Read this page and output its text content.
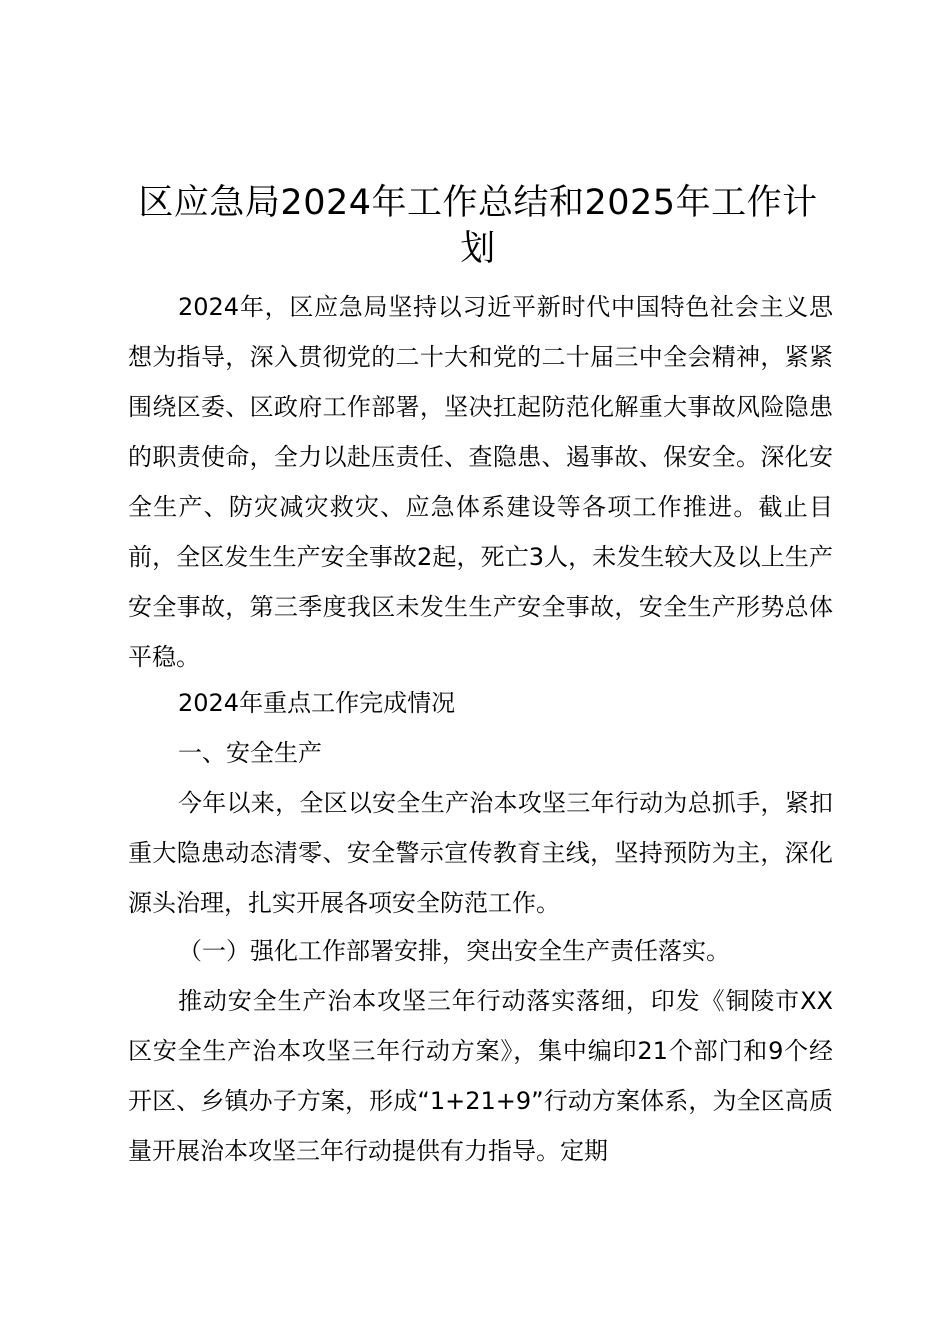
区应急局2024年工作总结和2025年工作计划

2024年，区应急局坚持以习近平新时代中国特色社会主义思想为指导，深入贯彻党的二十大和党的二十届三中全会精神，紧紧围绕区委、区政府工作部署，坚决扛起防范化解重大事故风险隐患的职责使命，全力以赴压责任、查隐患、遏事故、保安全。深化安全生产、防灾减灾救灾、应急体系建设等各项工作推进。截止目前，全区发生生产安全事故2起，死亡3人，未发生较大及以上生产安全事故，第三季度我区未发生生产安全事故，安全生产形势总体平稳。

2024年重点工作完成情况

一、安全生产

今年以来，全区以安全生产治本攻坚三年行动为总抓手，紧扣重大隐患动态清零、安全警示宣传教育主线，坚持预防为主，深化源头治理，扎实开展各项安全防范工作。

（一）强化工作部署安排，突出安全生产责任落实。

推动安全生产治本攻坚三年行动落实落细，印发《铜陵市XX区安全生产治本攻坚三年行动方案》，集中编印21个部门和9个经开区、乡镇办子方案，形成“1+21+9”行动方案体系，为全区高质量开展治本攻坚三年行动提供有力指导。定期
